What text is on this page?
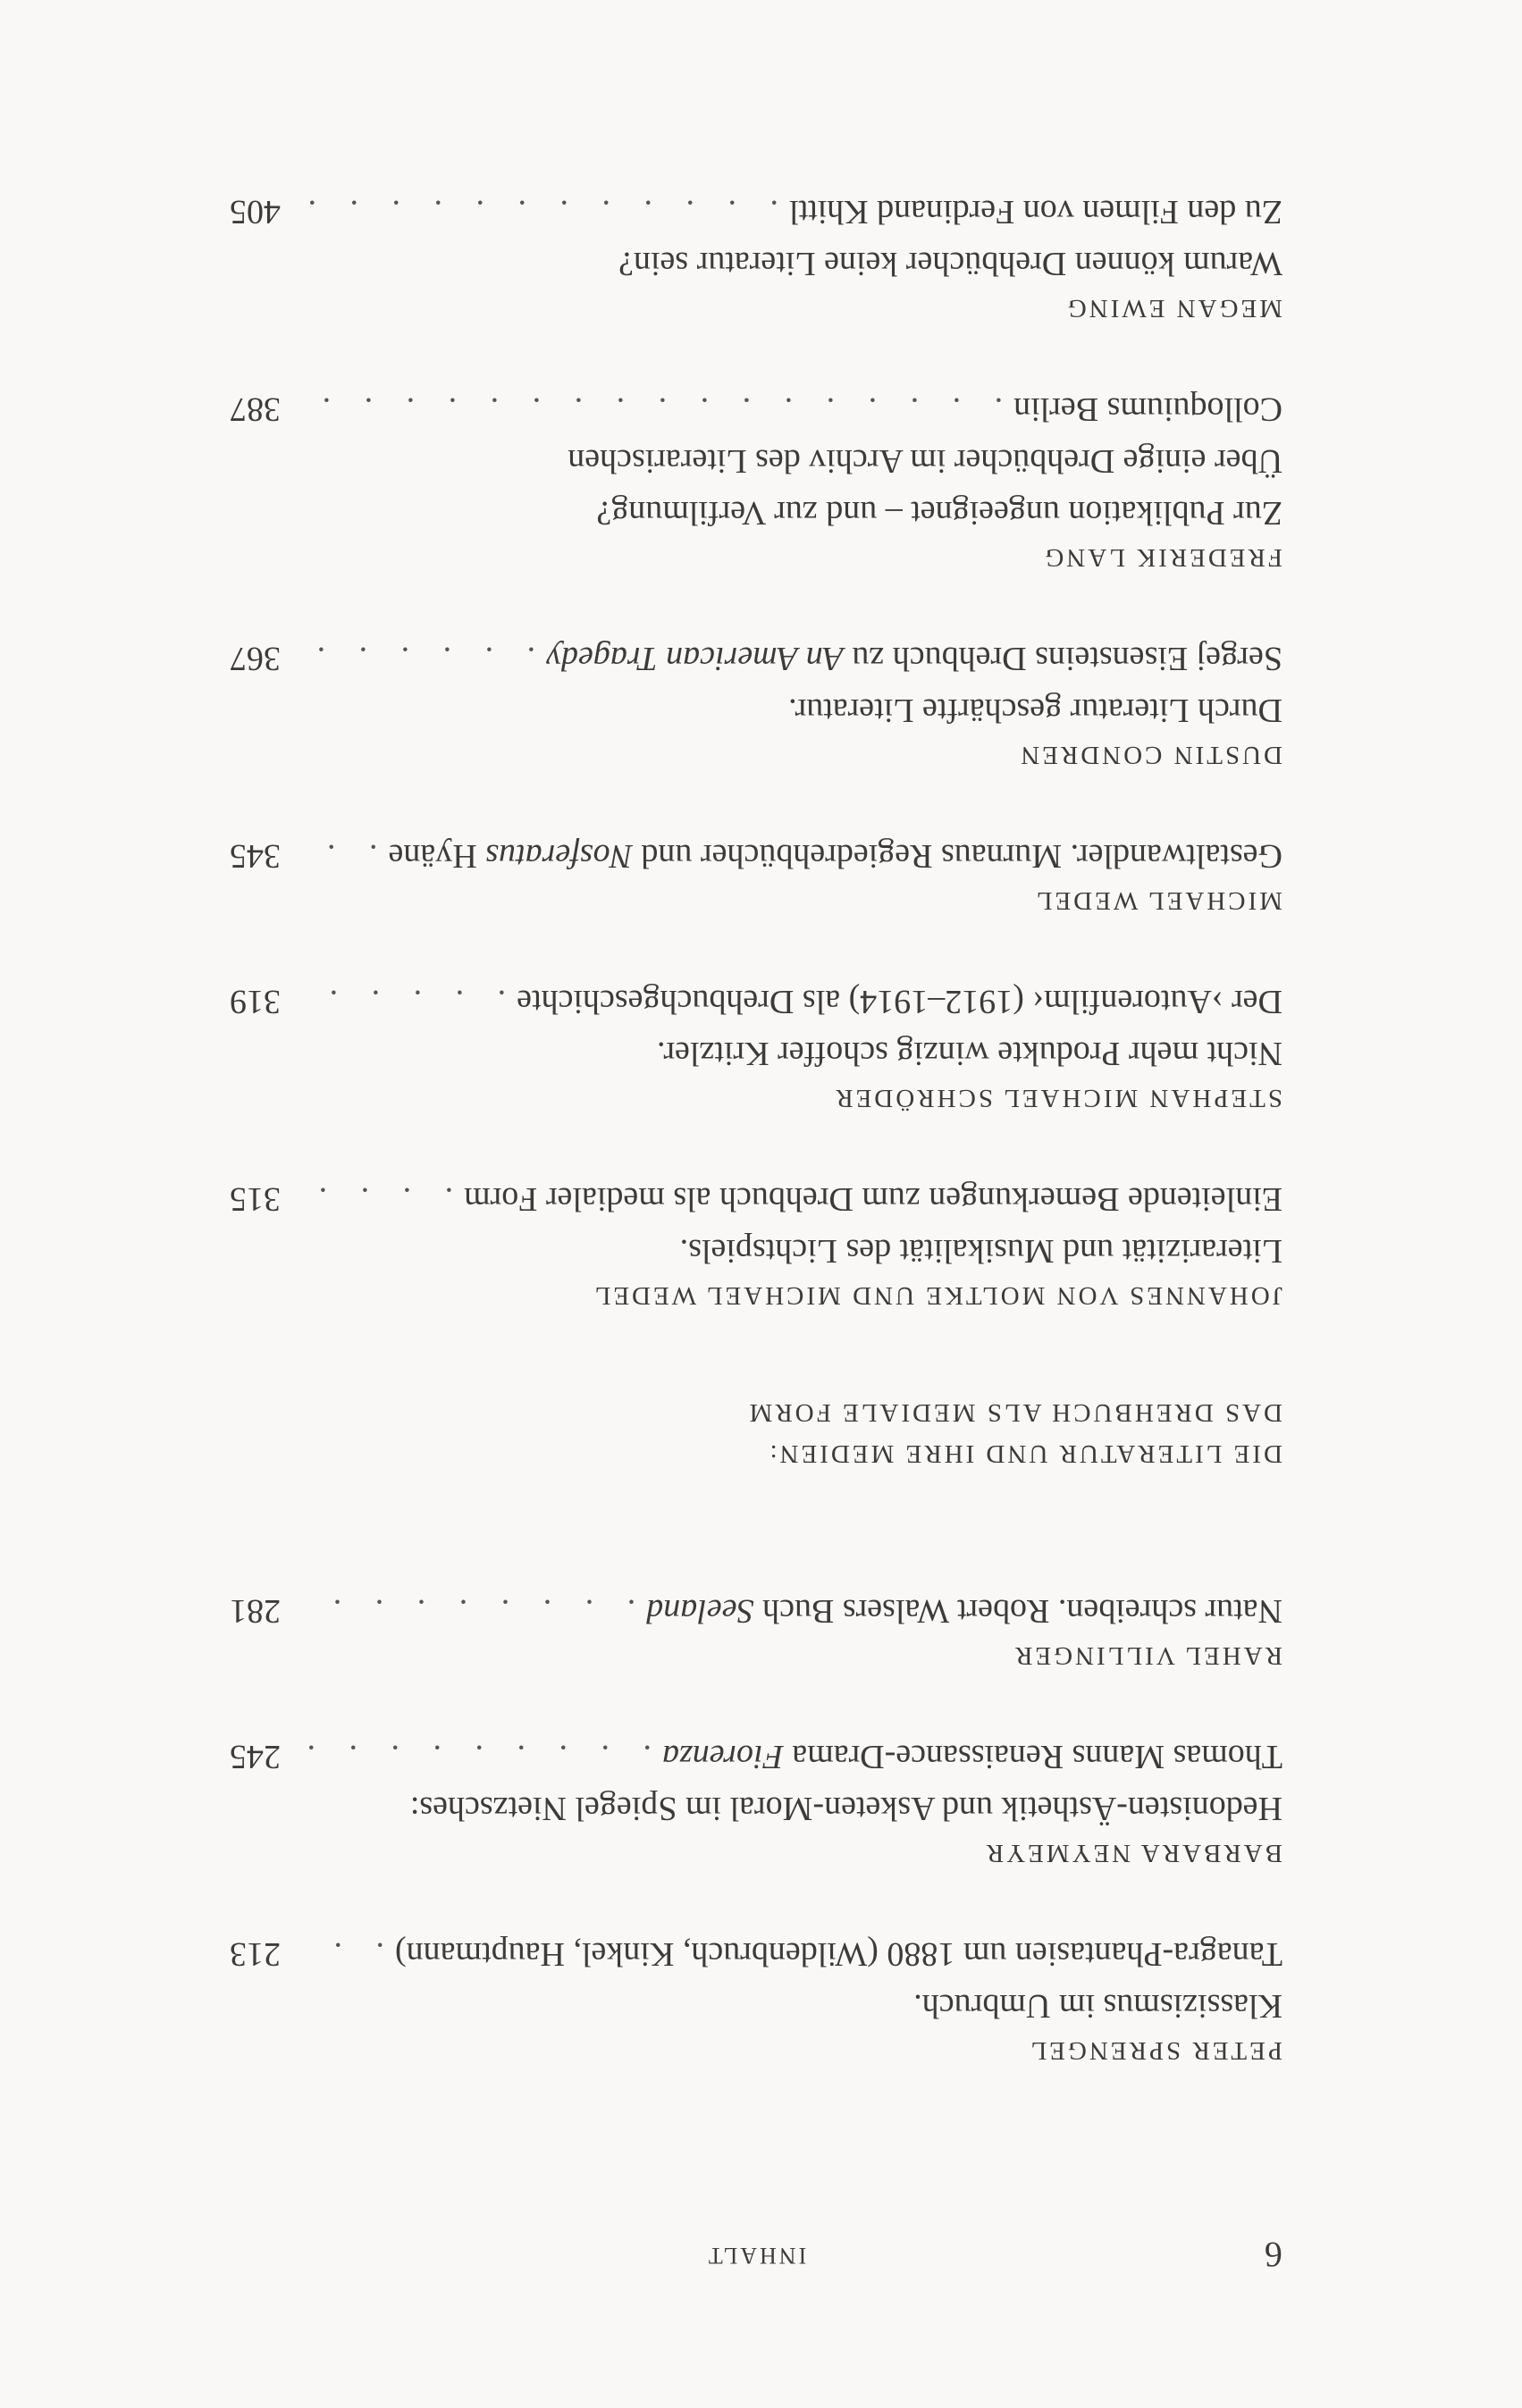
6
INHALT
PETER SPRENGEL
Klassizismus im Umbruch.
Tanagra-Phantasien um 1880 (Wildenbruch, Kinkel, Hauptmann)
. . .
213
BARBARA NEYMEYR
Hedonisten-Ästhetik und Asketen-Moral im Spiegel Nietzsches:
Thomas Manns Renaissance-Drama Fiorenza
. . .
245
RAHEL VILLINGER
Natur schreiben. Robert Walsers Buch Seeland
. . .
281
DIE LITERATUR UND IHRE MEDIEN:
DAS DREHBUCH ALS MEDIALE FORM
JOHANNES VON MOLTKE UND MICHAEL WEDEL
Literarizität und Musikalität des Lichtspiels.
Einleitende Bemerkungen zum Drehbuch als medialer Form
. . .
315
STEPHAN MICHAEL SCHRÖDER
Nicht mehr Produkte winzig schoffer Kritzler.
Der ›Autorenfilm‹ (1912–1914) als Drehbuchgeschichte
. . .
319
MICHAEL WEDEL
Gestaltwandler. Murnaus Regiedrehbücher und Nosferatus Hyäne
. . .
345
DUSTIN CONDREN
Durch Literatur geschärfte Literatur.
Sergej Eisensteins Drehbuch zu An American Tragedy
. . .
367
FREDERIK LANG
Zur Publikation ungeeignet – und zur Verfilmung?
Über einige Drehbücher im Archiv des Literarischen
Colloquiums Berlin
. . .
387
MEGAN EWING
Warum können Drehbücher keine Literatur sein?
Zu den Filmen von Ferdinand Khittl
. . .
405
